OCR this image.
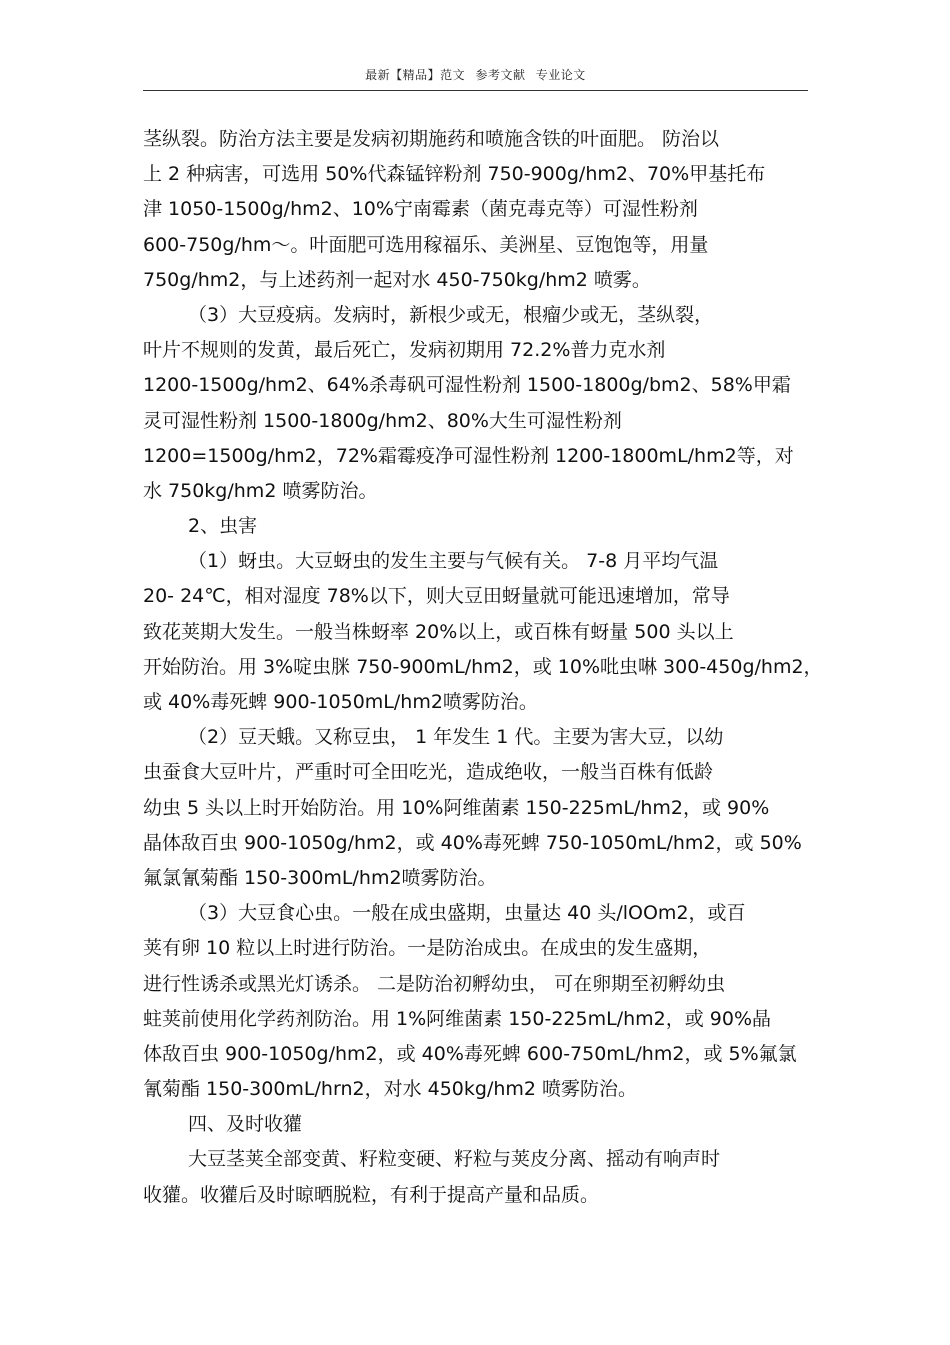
最新【精品】范文 参考文献 专业论文
茎纵裂。防治方法主要是发病初期施药和喷施含铁的叶面肥。 防治以
上 2 种病害，可选用 50%代森锰锌粉剂 750-900g/hm2、70%甲基托布
津 1050-1500g/hm2、10%宁南霉素（菌克毒克等）可湿性粉剂
600-750g/hm～。叶面肥可选用稼福乐、美洲星、豆饱饱等，用量
750g/hm2，与上述药剂一起对水 450-750kg/hm2 喷雾。
（3）大豆疫病。发病时，新根少或无，根瘤少或无，茎纵裂，
叶片不规则的发黄，最后死亡，发病初期用 72.2%普力克水剂
1200-1500g/hm2、64%杀毒矾可湿性粉剂 1500-1800g/bm2、58%甲霜
灵可湿性粉剂 1500-1800g/hm2、80%大生可湿性粉剂
1200=1500g/hm2，72%霜霉疫净可湿性粉剂 1200-1800mL/hm2等，对
水 750kg/hm2 喷雾防治。
2、虫害
（1）蚜虫。大豆蚜虫的发生主要与气候有关。 7-8 月平均气温
20- 24℃，相对湿度 78%以下，则大豆田蚜量就可能迅速增加，常导
致花荚期大发生。一般当株蚜率 20%以上，或百株有蚜量 500 头以上
开始防治。用 3%啶虫脒 750-900mL/hm2，或 10%吡虫啉 300-450g/hm2，
或 40%毒死蜱 900-1050mL/hm2喷雾防治。
（2）豆天蛾。又称豆虫， 1 年发生 1 代。主要为害大豆，以幼
虫蚕食大豆叶片，严重时可全田吃光，造成绝收，一般当百株有低龄
幼虫 5 头以上时开始防治。用 10%阿维菌素 150-225mL/hm2，或 90%
晶体敌百虫 900-1050g/hm2，或 40%毒死蜱 750-1050mL/hm2，或 50%
氟氯氰菊酯 150-300mL/hm2喷雾防治。
（3）大豆食心虫。一般在成虫盛期，虫量达 40 头/lOOm2，或百
荚有卵 10 粒以上时进行防治。一是防治成虫。在成虫的发生盛期，
进行性诱杀或黑光灯诱杀。 二是防治初孵幼虫， 可在卵期至初孵幼虫
蛀荚前使用化学药剂防治。用 1%阿维菌素 150-225mL/hm2，或 90%晶
体敌百虫 900-1050g/hm2，或 40%毒死蜱 600-750mL/hm2，或 5%氟氯
氰菊酯 150-300mL/hrn2，对水 450kg/hm2 喷雾防治。
四、及时收獾
大豆茎荚全部变黄、籽粒变硬、籽粒与荚皮分离、摇动有响声时
收獾。收獾后及时晾晒脱粒，有利于提高产量和品质。
